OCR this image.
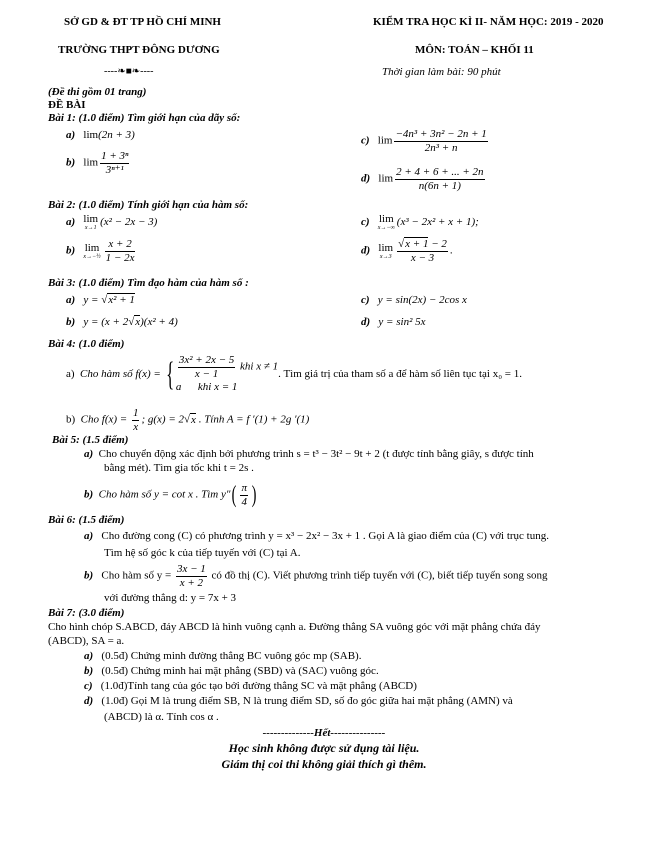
SỞ GD & ĐT TP HỒ CHÍ MINH
TRƯỜNG THPT ĐÔNG DƯƠNG
----❧■❧----
KIỂM TRA HỌC KÌ II- NĂM HỌC: 2019 - 2020
MÔN: TOÁN – KHỐI 11
Thời gian làm bài: 90 phút
(Đề thi gồm 01 trang)
ĐỀ BÀI
Bài 1: (1.0 điểm) Tìm giới hạn của dãy số:
a) lim(2n + 3)
b) $\lim \frac{\text{1 + 3ⁿ}}{\text{3ⁿ⁺¹}}$
c) $\lim \frac{\text{−4n³ + 3n² − 2n + 1}}{\text{2n³ + n}}$
d) $\lim \frac{2 + 4 + 6 + ... + 2n}{n(6n + 1)}$
Bài 2: (1.0 điểm) Tính giới hạn của hàm số:
a) lim
x→1 (x² − 2x − 3)
b) lim
x→−½ $\frac{x + 2}{1 - 2x}$
c) lim
x→−∞ (x³ − 2x² + x + 1);
d) lim
$x\to 3 \frac{√x + 1 - 2}{x - 3}$ .
Bài 3: (1.0 điểm) Tìm đạo hàm của hàm số :
a) y = √x² + 1
b) y = (x + 2√x)(x² + 4)
c) y = sin(2x) − 2cos x
d) y = sin² 5x
Bài 4: (1.0 điểm)
a) Cho hàm số f(x) = { $\frac{\text{3x² + 2x − 5}}{x - 1}$ khi x ≠ 1
a khi x = 1
. Tìm giá trị của tham số a để hàm số liên tục tại x₀ = 1.
b) Cho $f(x) = \frac{1}{x}$ ; g(x) = 2√x . Tính A = f ′(1) + 2g ′(1)
Bài 5: (1.5 điểm)
a) Cho chuyển động xác định bởi phương trình s = t³ − 3t² − 9t + 2 (t được tính bằng giây, s được tính
bằng mét). Tìm gia tốc khi t = 2s .
b) Cho hàm số y = cot x . Tìm $y''( \frac{\pi}{4}$ )
Bài 6: (1.5 điểm)
a) Cho đường cong (C) có phương trình y = x³ − 2x² − 3x + 1 . Gọi A là giao điểm của (C) với trục tung.
Tìm hệ số góc k của tiếp tuyến với (C) tại A.
b) Cho hàm số $y = \frac{3x - 1}{x + 2}$ có đồ thị (C). Viết phương trình tiếp tuyến với (C), biết tiếp tuyến song song
với đường thẳng d: y = 7x + 3
Bài 7: (3.0 điểm)
Cho hình chóp S.ABCD, đáy ABCD là hình vuông cạnh a. Đường thẳng SA vuông góc với mặt phẳng chứa đáy
(ABCD), SA = a.
a) (0.5đ) Chứng minh đường thẳng BC vuông góc mp (SAB).
b) (0.5đ) Chứng minh hai mặt phẳng (SBD) và (SAC) vuông góc.
c) (1.0đ)Tính tang của góc tạo bởi đường thẳng SC và mặt phẳng (ABCD)
d) (1.0đ) Gọi M là trung điểm SB, N là trung điểm SD, số đo góc giữa hai mặt phẳng (AMN) và
(ABCD) là α. Tính cos α .
--------------Hết---------------
Học sinh không được sử dụng tài liệu.
Giám thị coi thi không giải thích gì thêm.
